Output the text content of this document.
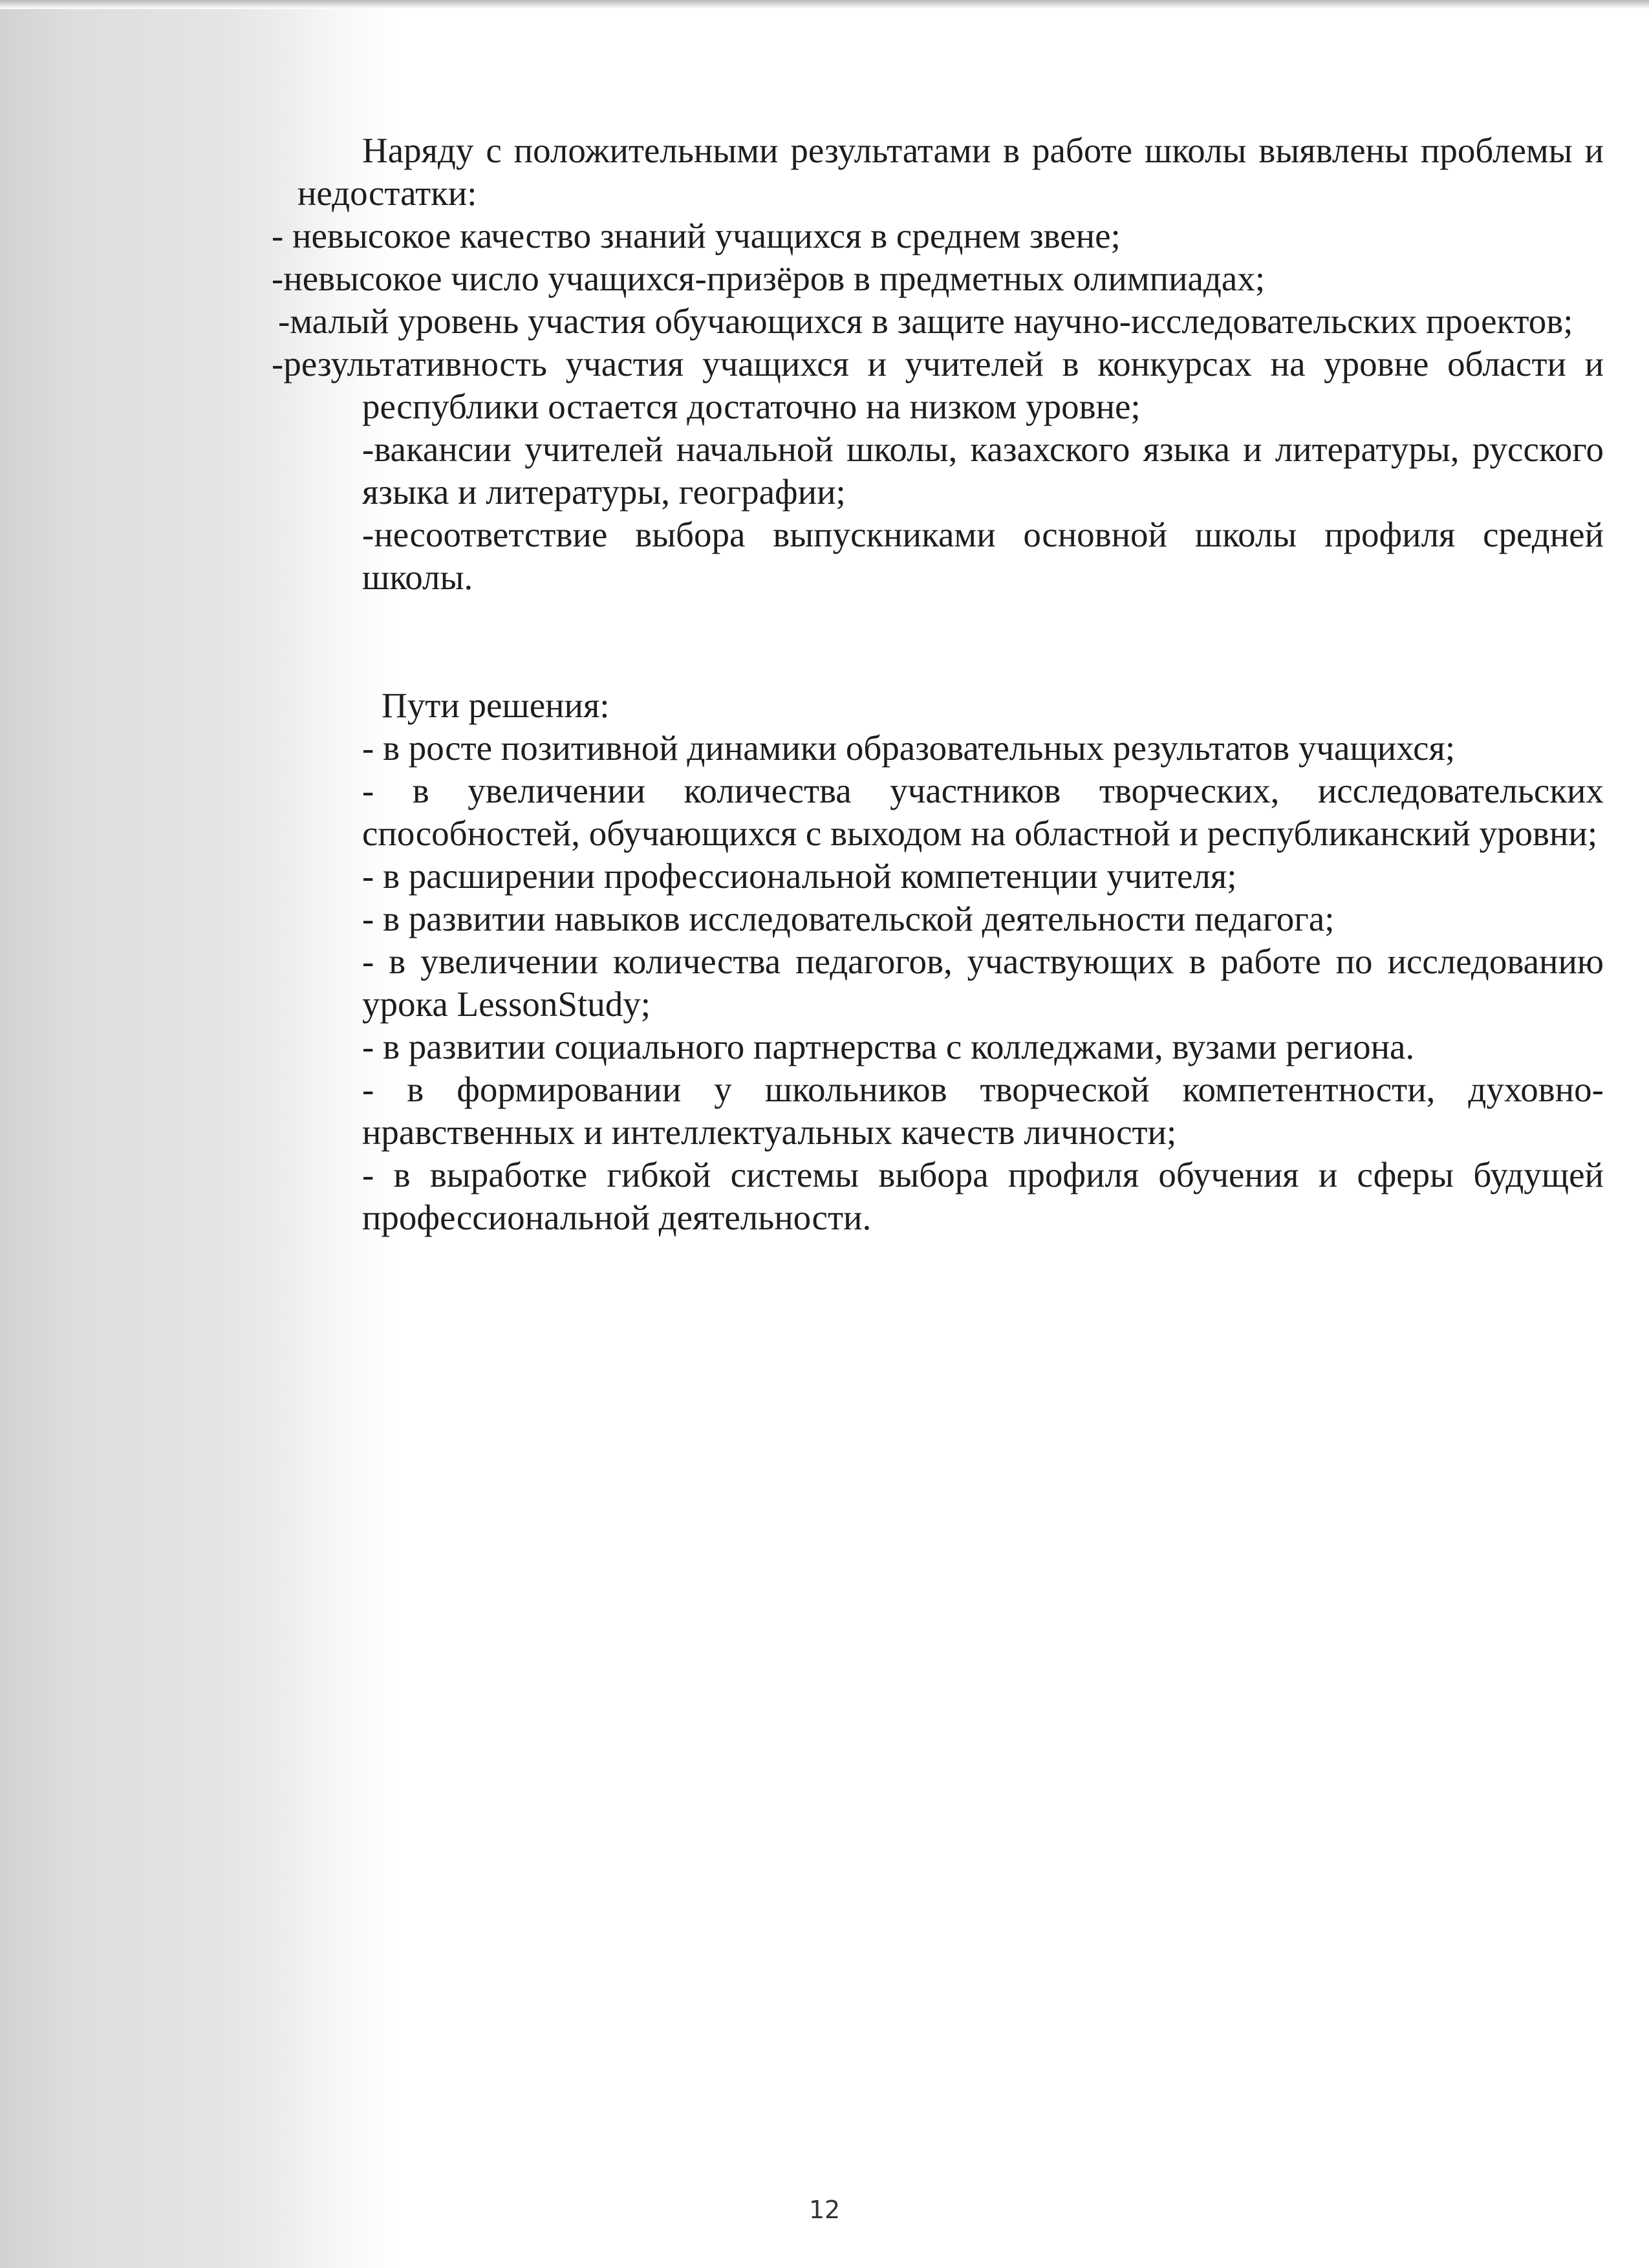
Наряду с положительными результатами в работе школы выявлены проблемы и недостатки:

- невысокое качество знаний учащихся в среднем звене;

-невысокое число учащихся-призёров в предметных олимпиадах;

-малый уровень участия обучающихся в защите научно-исследовательских проектов;

-результативность участия учащихся и учителей в конкурсах на уровне области и республики остается достаточно на низком уровне;

-вакансии учителей начальной школы, казахского языка и литературы, русского языка и литературы, географии;

-несоответствие выбора выпускниками основной школы профиля средней школы.

Пути решения:

- в росте позитивной динамики образовательных результатов учащихся;

- в увеличении количества участников творческих, исследовательских способностей, обучающихся с выходом на областной и республиканский уровни;

- в расширении профессиональной компетенции учителя;

- в развитии навыков исследовательской деятельности педагога;

- в увеличении количества педагогов, участвующих в работе по исследованию урока LessonStudy;

- в развитии социального партнерства с колледжами, вузами региона.

- в формировании у школьников творческой компетентности, духовно-нравственных и интеллектуальных качеств личности;

- в выработке гибкой системы выбора профиля обучения и сферы будущей профессиональной деятельности.

12
